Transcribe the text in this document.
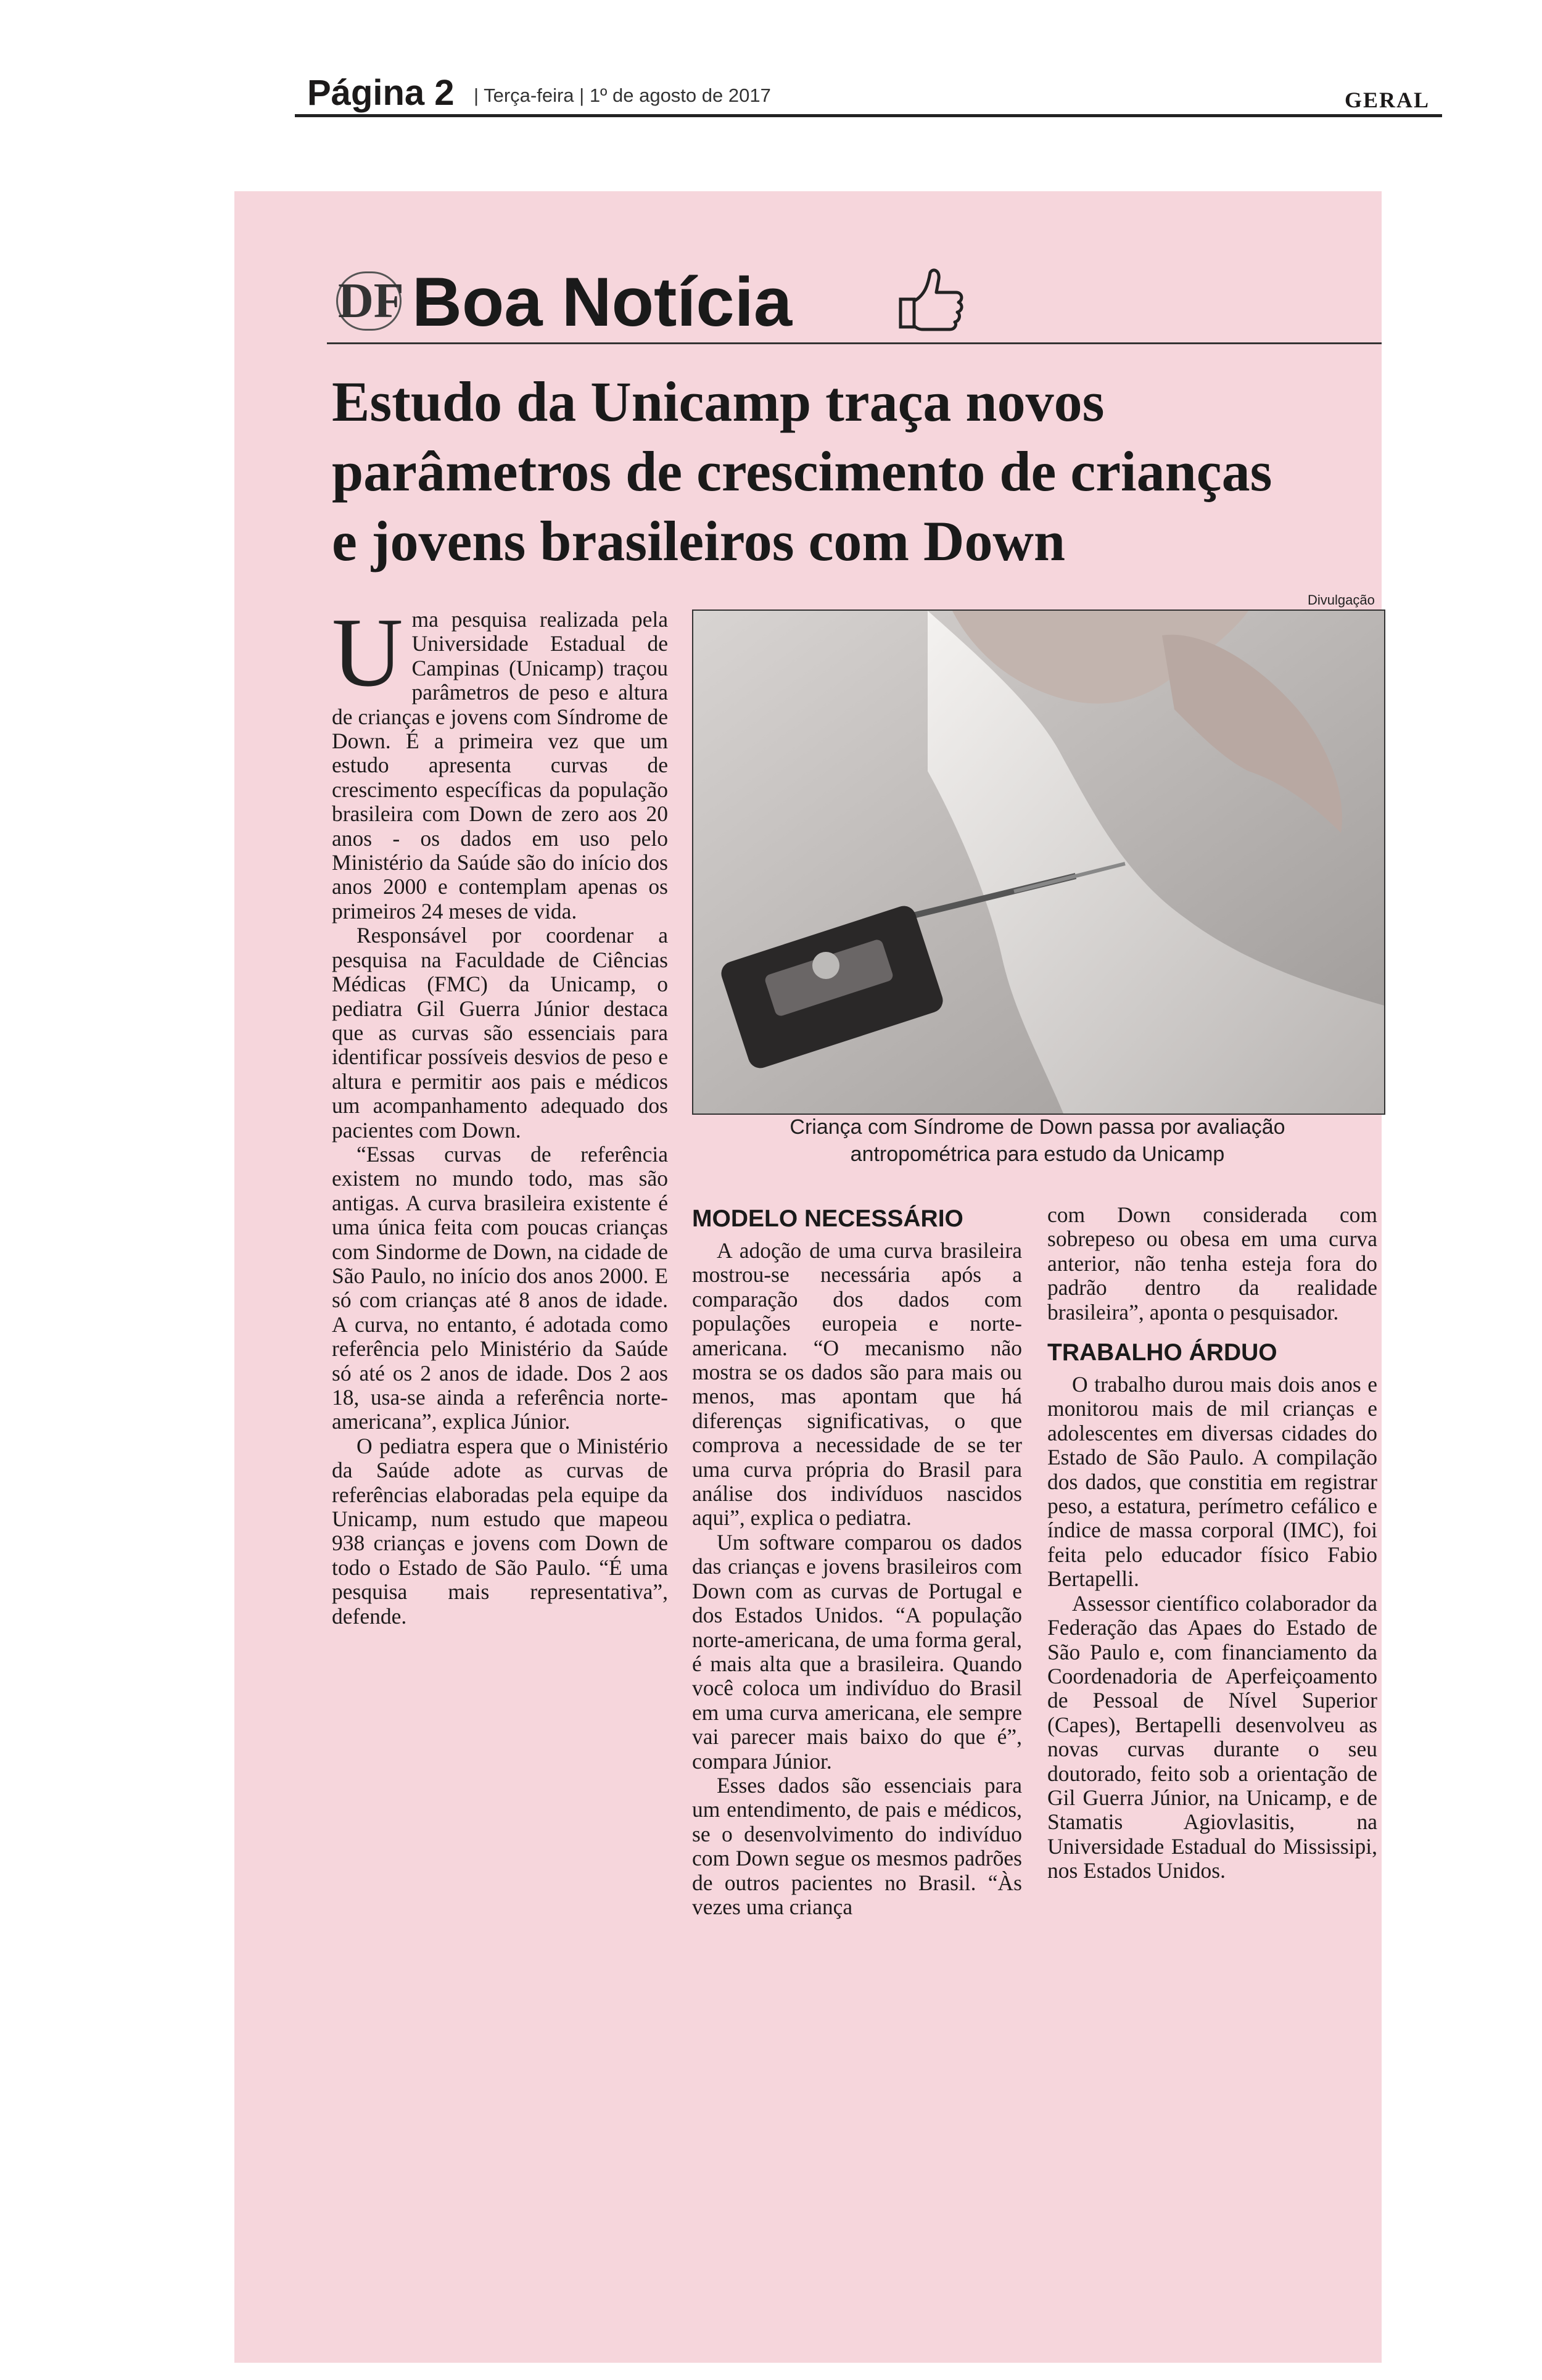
Página 2 | Terça-feira | 1º de agosto de 2017	GERAL
DF Boa Notícia
Estudo da Unicamp traça novos
parâmetros de crescimento de crianças
e jovens brasileiros com Down

Uma pesquisa realizada pela Universidade Estadual de Campinas (Unicamp) traçou parâmetros de peso e altura de crianças e jovens com Síndrome de Down. É a primeira vez que um estudo apresenta curvas de crescimento específicas da população brasileira com Down de zero aos 20 anos - os dados em uso pelo Ministério da Saúde são do início dos anos 2000 e contemplam apenas os primeiros 24 meses de vida.

Responsável por coordenar a pesquisa na Faculdade de Ciências Médicas (FMC) da Unicamp, o pediatra Gil Guerra Júnior destaca que as curvas são essenciais para identificar possíveis desvios de peso e altura e permitir aos pais e médicos um acompanhamento adequado dos pacientes com Down.

“Essas curvas de referência existem no mundo todo, mas são antigas. A curva brasileira existente é uma única feita com poucas crianças com Sindorme de Down, na cidade de São Paulo, no início dos anos 2000. E só com crianças até 8 anos de idade. A curva, no entanto, é adotada como referência pelo Ministério da Saúde só até os 2 anos de idade. Dos 2 aos 18, usa-se ainda a referência norte-americana”, explica Júnior.

O pediatra espera que o Ministério da Saúde adote as curvas de referências elaboradas pela equipe da Unicamp, num estudo que mapeou 938 crianças e jovens com Down de todo o Estado de São Paulo. “É uma pesquisa mais representativa”, defende.

Divulgação
Criança com Síndrome de Down passa por avaliação
antropométrica para estudo da Unicamp
MODELO NECESSÁRIO

A adoção de uma curva brasileira mostrou-se necessária após a comparação dos dados com populações europeia e norte-americana. “O mecanismo não mostra se os dados são para mais ou menos, mas apontam que há diferenças significativas, o que comprova a necessidade de se ter uma curva própria do Brasil para análise dos indivíduos nascidos aqui”, explica o pediatra.

Um software comparou os dados das crianças e jovens brasileiros com Down com as curvas de Portugal e dos Estados Unidos. “A população norte-americana, de uma forma geral, é mais alta que a brasileira. Quando você coloca um indivíduo do Brasil em uma curva americana, ele sempre vai parecer mais baixo do que é”, compara Júnior.

Esses dados são essenciais para um entendimento, de pais e médicos, se o desenvolvimento do indivíduo com Down segue os mesmos padrões de outros pacientes no Brasil. “Às vezes uma criança

com Down considerada com sobrepeso ou obesa em uma curva anterior, não tenha esteja fora do padrão dentro da realidade brasileira”, aponta o pesquisador.

TRABALHO ÁRDUO

O trabalho durou mais dois anos e monitorou mais de mil crianças e adolescentes em diversas cidades do Estado de São Paulo. A compilação dos dados, que constitia em registrar peso, a estatura, perímetro cefálico e índice de massa corporal (IMC), foi feita pelo educador físico Fabio Bertapelli.

Assessor científico colaborador da Federação das Apaes do Estado de São Paulo e, com financiamento da Coordenadoria de Aperfeiçoamento de Pessoal de Nível Superior (Capes), Bertapelli desenvolveu as novas curvas durante o seu doutorado, feito sob a orientação de Gil Guerra Júnior, na Unicamp, e de Stamatis Agiovlasitis, na Universidade Estadual do Mississipi, nos Estados Unidos.
